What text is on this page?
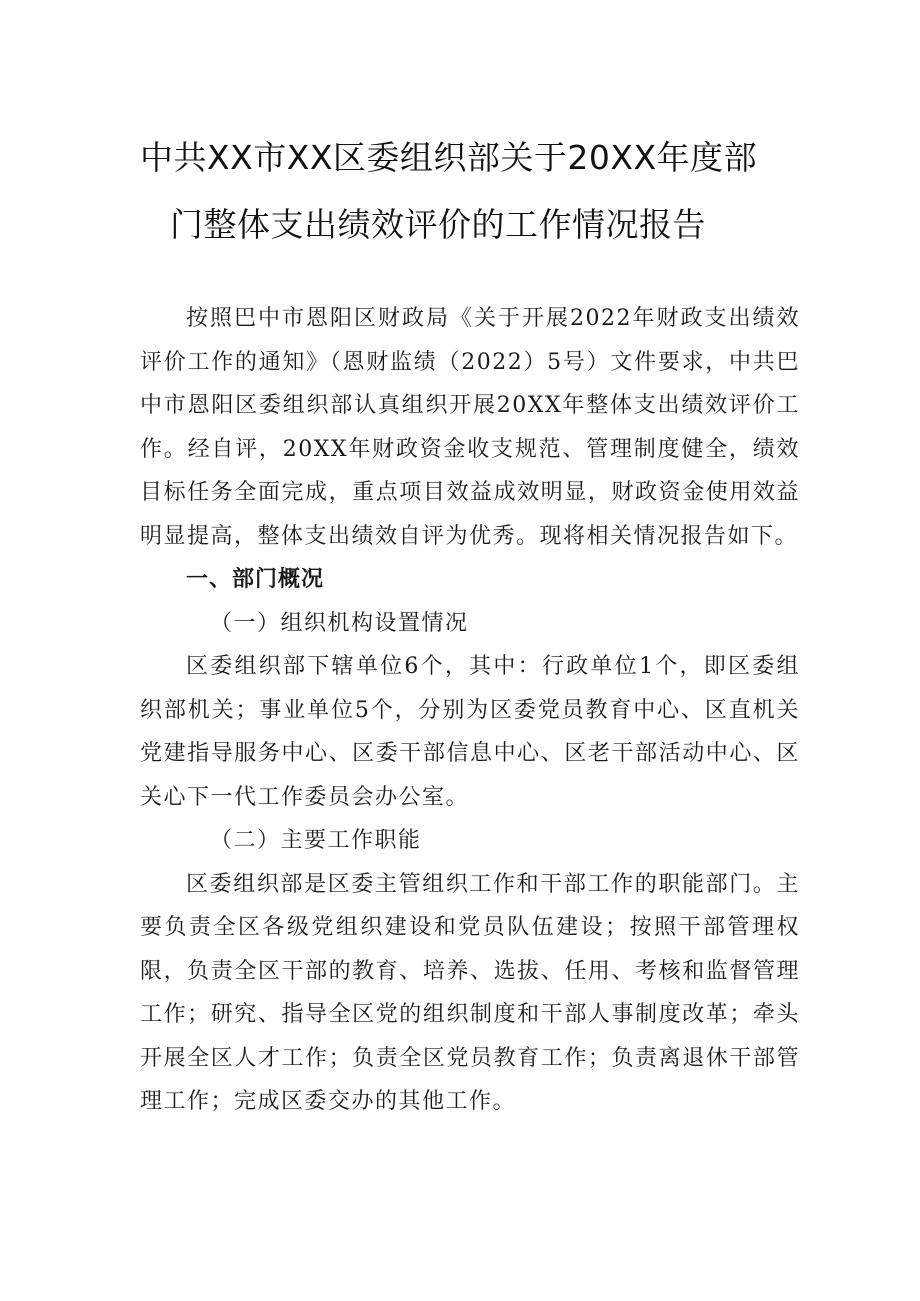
中共XX市XX区委组织部关于20XX年度部
门整体支出绩效评价的工作情况报告

按照巴中市恩阳区财政局《关于开展2022年财政支出绩效评价工作的通知》（恩财监绩（2022）5号）文件要求，中共巴中市恩阳区委组织部认真组织开展20XX年整体支出绩效评价工作。经自评，20XX年财政资金收支规范、管理制度健全，绩效目标任务全面完成，重点项目效益成效明显，财政资金使用效益明显提高，整体支出绩效自评为优秀。现将相关情况报告如下。

一、部门概况

（一）组织机构设置情况

区委组织部下辖单位6个，其中：行政单位1个，即区委组织部机关；事业单位5个，分别为区委党员教育中心、区直机关党建指导服务中心、区委干部信息中心、区老干部活动中心、区关心下一代工作委员会办公室。

（二）主要工作职能

区委组织部是区委主管组织工作和干部工作的职能部门。主要负责全区各级党组织建设和党员队伍建设；按照干部管理权限，负责全区干部的教育、培养、选拔、任用、考核和监督管理工作；研究、指导全区党的组织制度和干部人事制度改革；牵头开展全区人才工作；负责全区党员教育工作；负责离退休干部管理工作；完成区委交办的其他工作。
